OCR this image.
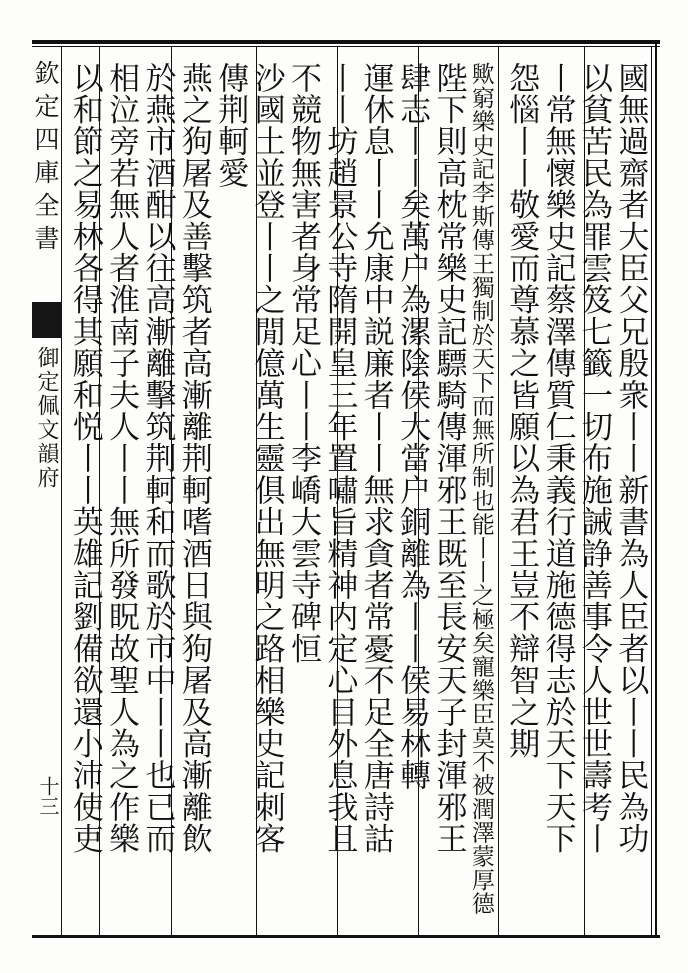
欽定四庫全書
御定佩文韻府
十三	國無過齋者大臣父兄殷衆丨丨新書為人臣者以丨丨民為功
以貧苦民為罪雲笈七籤一切布施誡諍善事令人世世壽考丨
丨常無懷樂史記蔡澤傳質仁秉義行道施德得志於天下天下
怨惱丨丨敬愛而尊慕之皆願以為君王豈不辯智之期
歟窮樂史記李斯傳王獨制於天下而無所制也能丨丨之極矣寵樂臣莫不被潤澤蒙厚德
陛下則高枕常樂史記驃騎傳渾邪王既至長安天子封渾邪王
肆志丨丨矣萬户為漯陰侯大當户銅離為丨丨侯易林轉
運休息丨丨允康中説廉者丨丨無求貪者常憂不足全唐詩詁
丨丨坊趙景公寺隋開皇三年置嘯旨精神内定心目外息我且
不競物無害者身常足心丨丨李嶠大雲寺碑恒
沙國土並登丨丨之閒億萬生靈俱出無明之路相樂史記刺客
傳荆軻愛
燕之狗屠及善擊筑者高漸離荆軻嗜酒日與狗屠及高漸離飲
於燕市酒酣以往高漸離擊筑荆軻和而歌於市中丨丨也已而
相泣旁若無人者淮南子夫人丨丨無所發眖故聖人為之作樂
以和節之易林各得其願和悦丨丨英雄記劉備欲還小沛使吏
